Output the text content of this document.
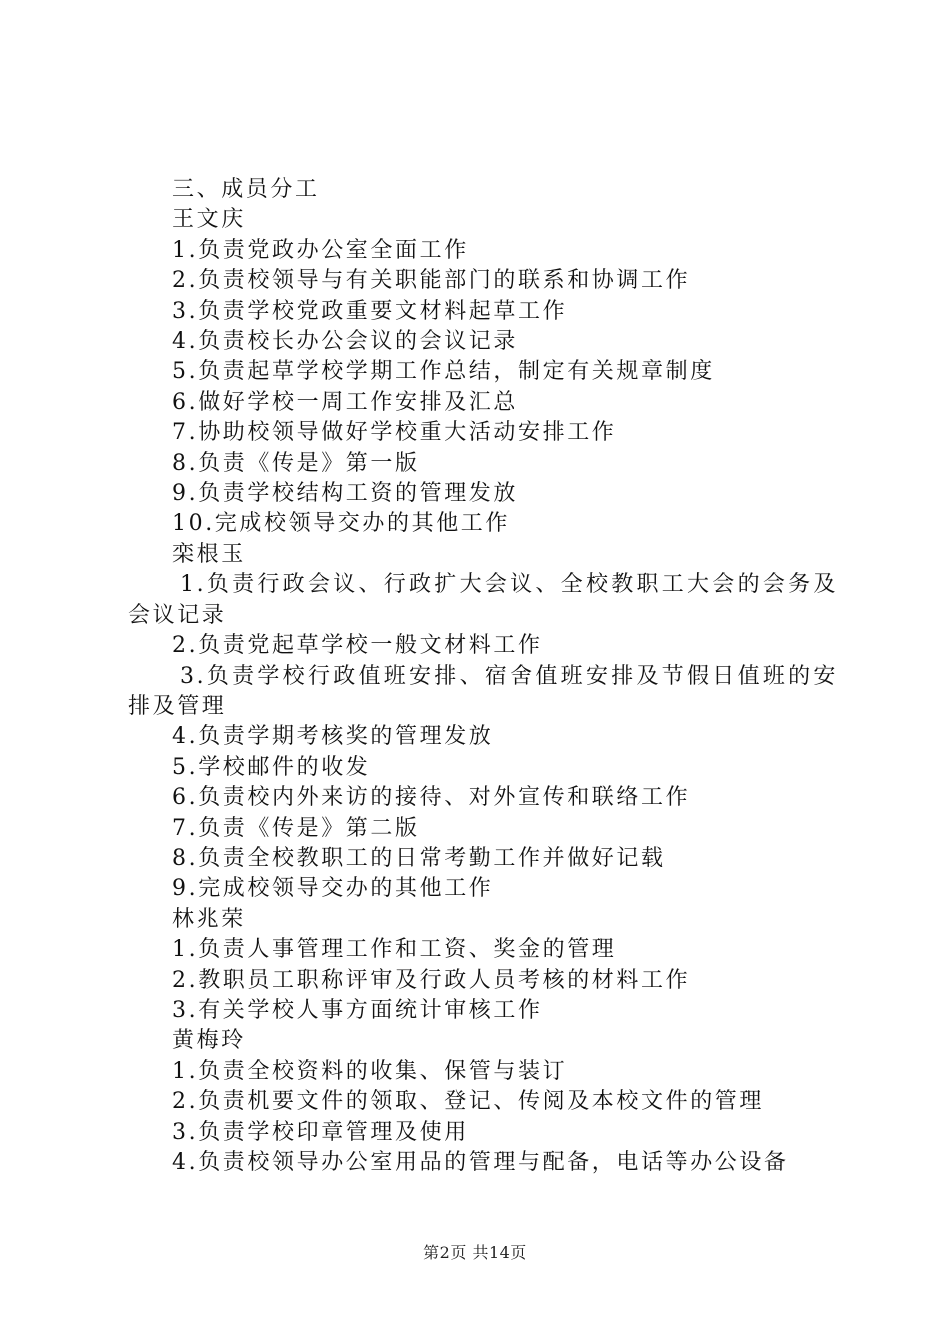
三、成员分工
王文庆
1.负责党政办公室全面工作
2.负责校领导与有关职能部门的联系和协调工作
3.负责学校党政重要文材料起草工作
4.负责校长办公会议的会议记录
5.负责起草学校学期工作总结，制定有关规章制度
6.做好学校一周工作安排及汇总
7.协助校领导做好学校重大活动安排工作
8.负责《传是》第一版
9.负责学校结构工资的管理发放
10.完成校领导交办的其他工作
栾根玉
1.负责行政会议、行政扩大会议、全校教职工大会的会务及会议记录
2.负责党起草学校一般文材料工作
3.负责学校行政值班安排、宿舍值班安排及节假日值班的安排及管理
4.负责学期考核奖的管理发放
5.学校邮件的收发
6.负责校内外来访的接待、对外宣传和联络工作
7.负责《传是》第二版
8.负责全校教职工的日常考勤工作并做好记载
9.完成校领导交办的其他工作
林兆荣
1.负责人事管理工作和工资、奖金的管理
2.教职员工职称评审及行政人员考核的材料工作
3.有关学校人事方面统计审核工作
黄梅玲
1.负责全校资料的收集、保管与装订
2.负责机要文件的领取、登记、传阅及本校文件的管理
3.负责学校印章管理及使用
4.负责校领导办公室用品的管理与配备，电话等办公设备
第2页 共14页
